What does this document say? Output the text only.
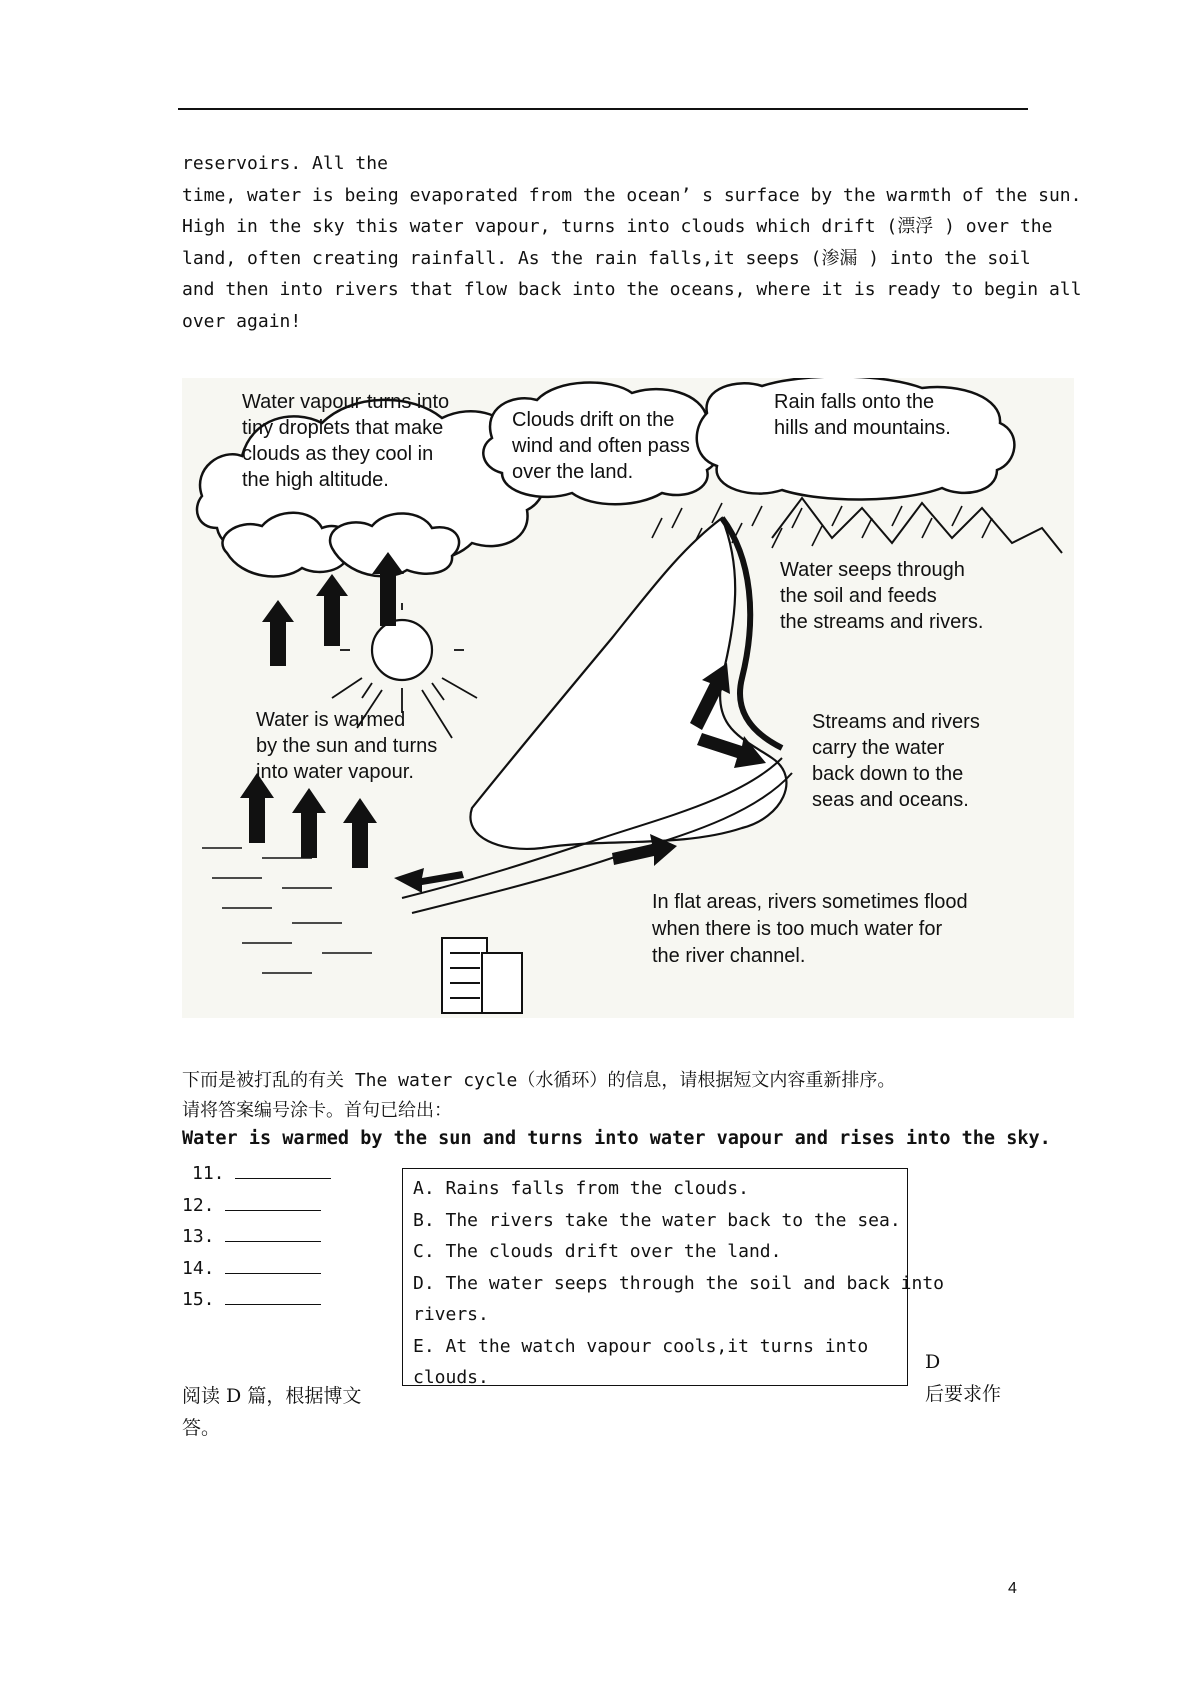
reservoirs. All the

time, water is being evaporated from the ocean’ s surface by the warmth of the sun.

High in the sky this water vapour, turns into clouds which drift (漂浮 ) over the

land, often creating rainfall. As the rain falls,it seeps (渗漏 ) into the soil

and then into rivers that flow back into the oceans, where it is ready to begin all

over again!

Water vapour turns into tiny droplets that make clouds as they cool in the high altitude.
Clouds drift on the wind and often pass over the land.
Rain falls onto the hills and mountains.
Water seeps through the soil and feeds the streams and rivers.
Water is warmed by the sun and turns into water vapour.
Streams and rivers carry the water back down to the seas and oceans.
In flat areas, rivers sometimes flood when there is too much water for the river channel.
下而是被打乱的有关 The water cycle（水循环）的信息，请根据短文内容重新排序。
请将答案编号涂卡。首句已给出：
Water is warmed by the sun and turns into water vapour and rises into the sky.
11.
12.
13.
14.
15.
A. Rains falls from the clouds.
B. The rivers take the water back to the sea.
C. The clouds drift over the land.
D. The water seeps through the soil and back into
rivers.
E. At the watch vapour cools,it turns into
clouds.
阅读 D 篇，根据博文
答。
D
后要求作
4
